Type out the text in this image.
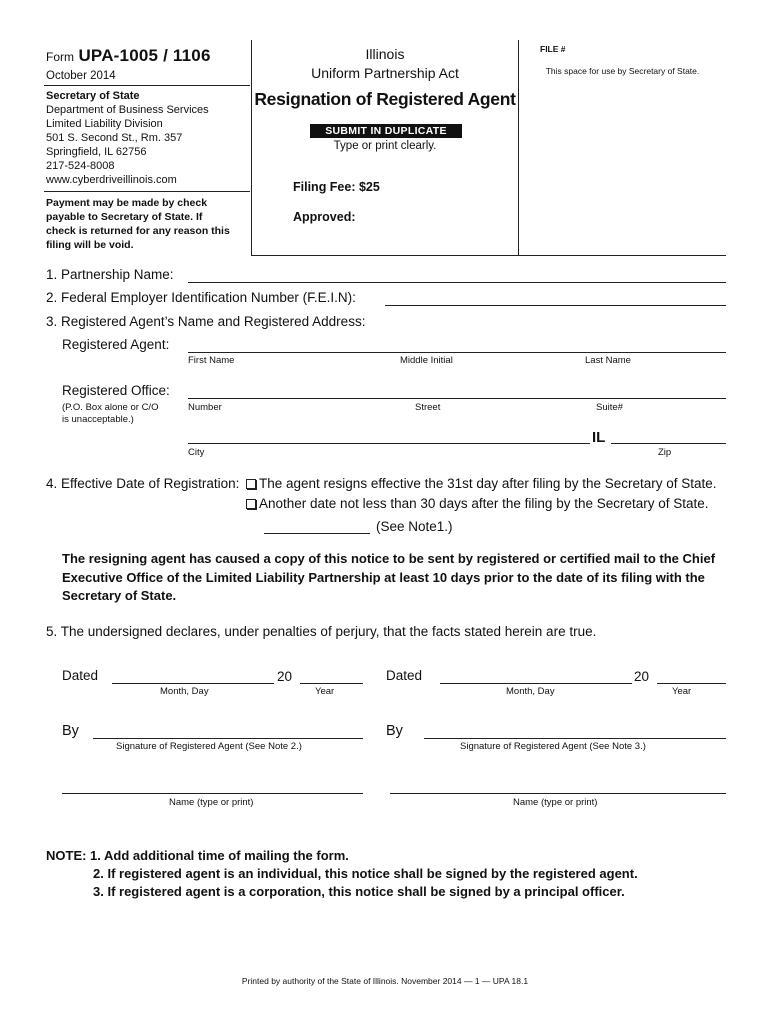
Form UPA-1005 / 1106
October 2014
Secretary of State
Department of Business Services
Limited Liability Division
501 S. Second St., Rm. 357
Springfield, IL 62756
217-524-8008
www.cyberdriveillinois.com
Payment may be made by check
payable to Secretary of State. If
check is returned for any reason this
filing will be void.
Illinois
Uniform Partnership Act
Resignation of Registered Agent
SUBMIT IN DUPLICATE
Type or print clearly.
Filing Fee: $25
Approved:
FILE #
This space for use by Secretary of State.
1. Partnership Name:
2. Federal Employer Identification Number (F.E.I.N):
3. Registered Agent’s Name and Registered Address:
Registered Agent:
First Name	Middle Initial	Last Name
Registered Office:
(P.O. Box alone or C/O
is unacceptable.)
Number	Street	Suite#
IL
City	Zip
4. Effective Date of Registration:	The agent resigns effective the 31st day after filing by the Secretary of State.
Another date not less than 30 days after the filing by the Secretary of State.
(See Note1.)
The resigning agent has caused a copy of this notice to be sent by registered or certified mail to the Chief Executive Office of the Limited Liability Partnership at least 10 days prior to the date of its filing with the Secretary of State.
5. The undersigned declares, under penalties of perjury, that the facts stated herein are true.
Dated	20
Month, Day	Year
Dated	20
Month, Day	Year
By
Signature of Registered Agent (See Note 2.)
By
Signature of Registered Agent (See Note 3.)
Name (type or print)	Name (type or print)
NOTE: 1. Add additional time of mailing the form.
2. If registered agent is an individual, this notice shall be signed by the registered agent.
3. If registered agent is a corporation, this notice shall be signed by a principal officer.
Printed by authority of the State of Illinois. November 2014 — 1 — UPA 18.1
